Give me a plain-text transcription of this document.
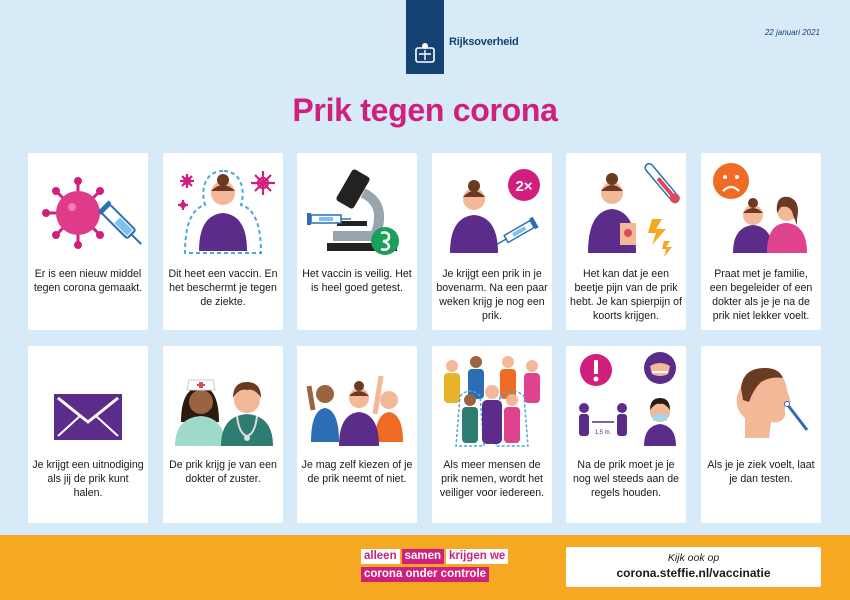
Rijksoverheid
22 januari 2021
Prik tegen corona
Er is een nieuw middel tegen corona gemaakt.
Dit heet een vaccin. En het beschermt je tegen de ziekte.
Het vaccin is veilig. Het is heel goed getest.
2×
Je krijgt een prik in je bovenarm. Na een paar weken krijg je nog een prik.
Het kan dat je een beetje pijn van de prik hebt. Je kan spierpijn of koorts krijgen.
Praat met je familie, een begeleider of een dokter als je je na de prik niet lekker voelt.
Je krijgt een uitnodiging als jij de prik kunt halen.
De prik krijg je van een dokter of zuster.
Je mag zelf kiezen of je de prik neemt of niet.
Als meer mensen de prik nemen, wordt het veiliger voor iedereen.
1,5 m.
Na de prik moet je je nog wel steeds aan de regels houden.
Als je je ziek voelt, laat je dan testen.
alleen samen krijgen we
corona onder controle
Kijk ook op
corona.steffie.nl/vaccinatie
